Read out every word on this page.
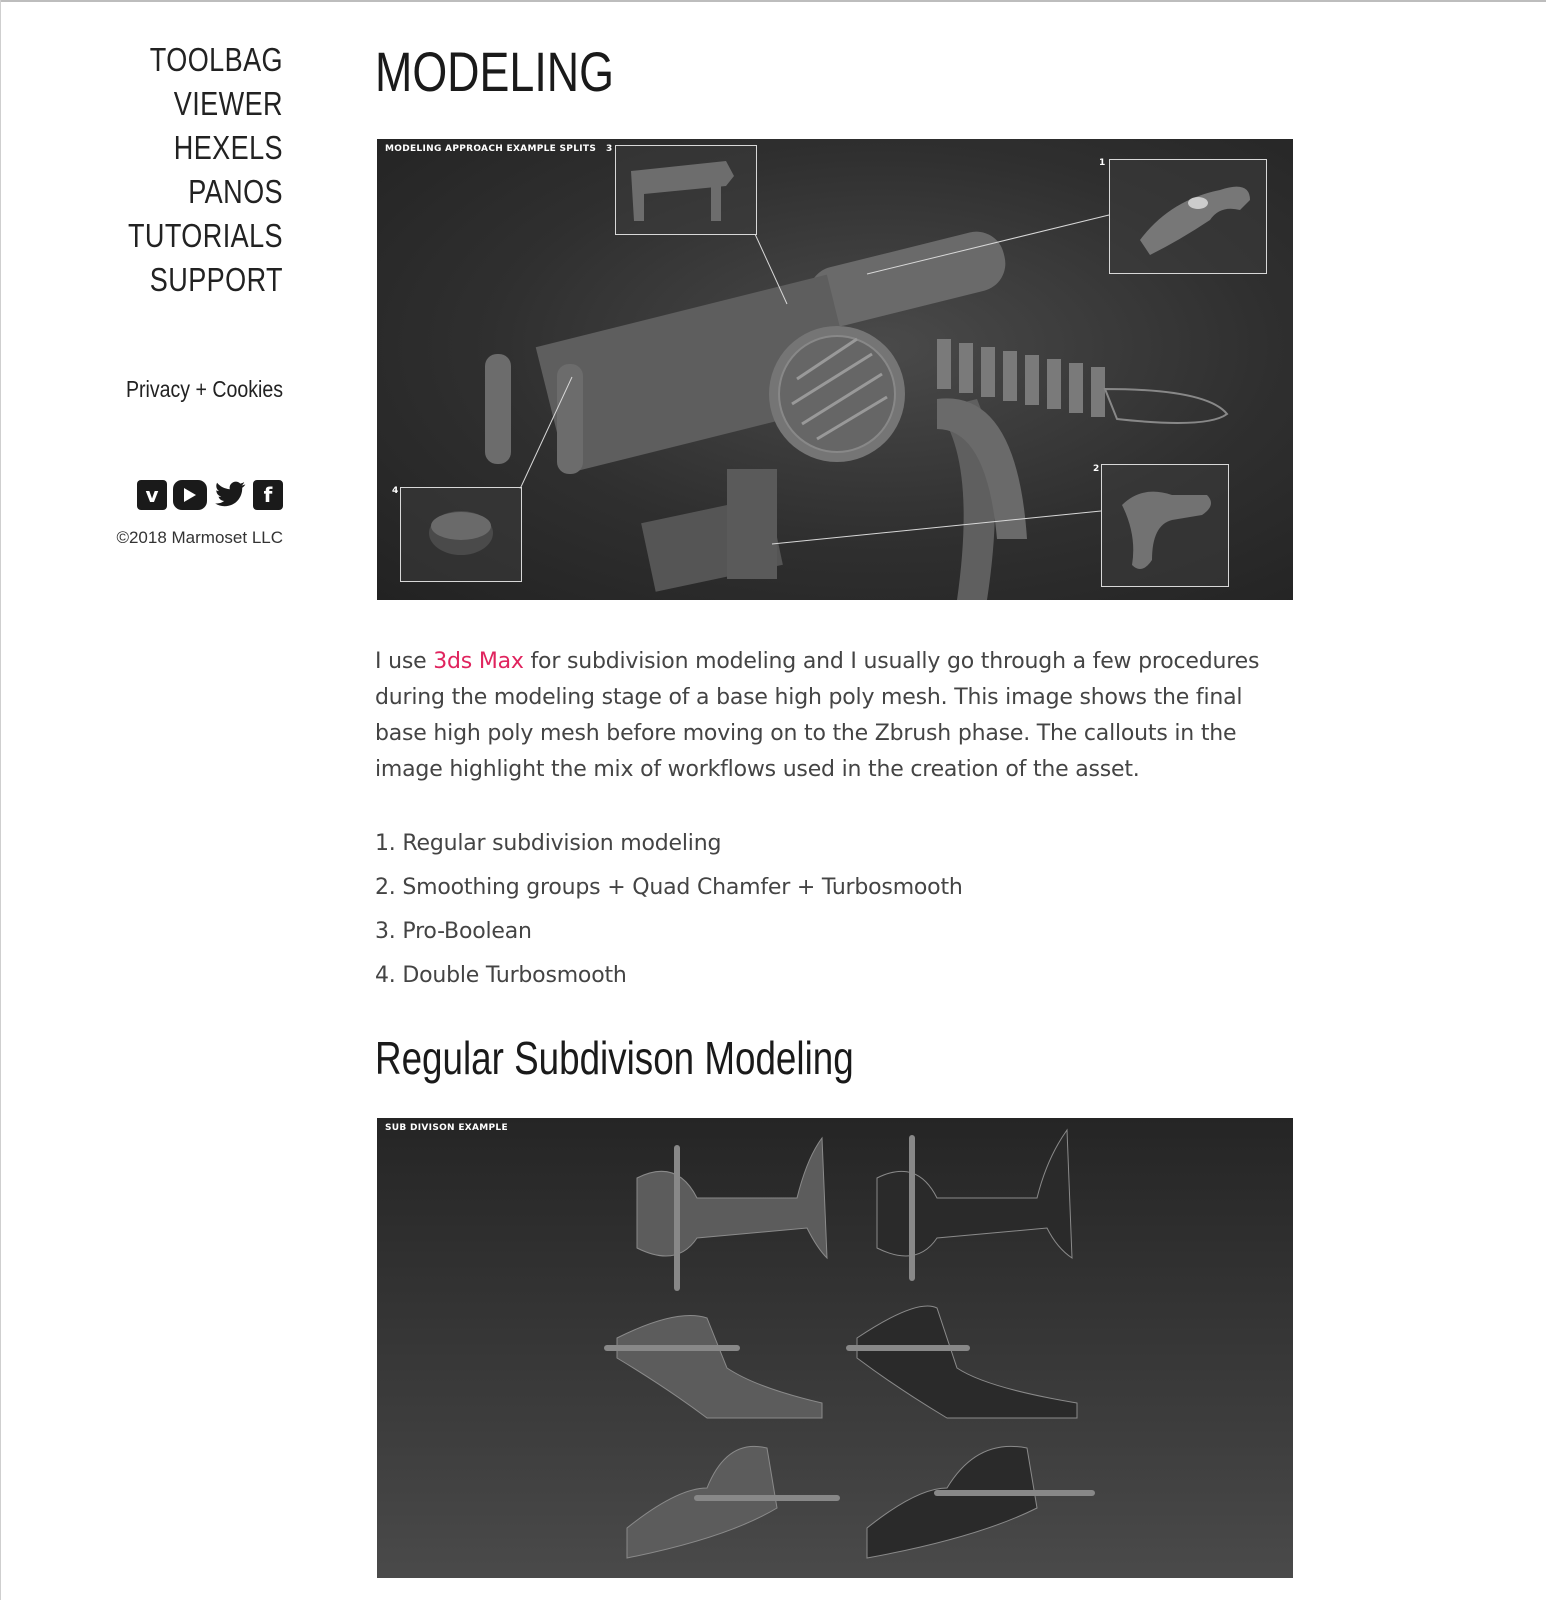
TOOLBAG
VIEWER
HEXELS
PANOS
TUTORIALS
SUPPORT
Privacy + Cookies
v	f
©2018 Marmoset LLC
MODELING
MODELING APPROACH EXAMPLE SPLITS
1
2
3
4

I use 3ds Max for subdivision modeling and I usually go through a few procedures during the modeling stage of a base high poly mesh. This image shows the final base high poly mesh before moving on to the Zbrush phase. The callouts in the image highlight the mix of workflows used in the creation of the asset.

1. Regular subdivision modeling
2. Smoothing groups + Quad Chamfer + Turbosmooth
3. Pro-Boolean
4. Double Turbosmooth
Regular Subdivison Modeling
SUB DIVISON EXAMPLE
